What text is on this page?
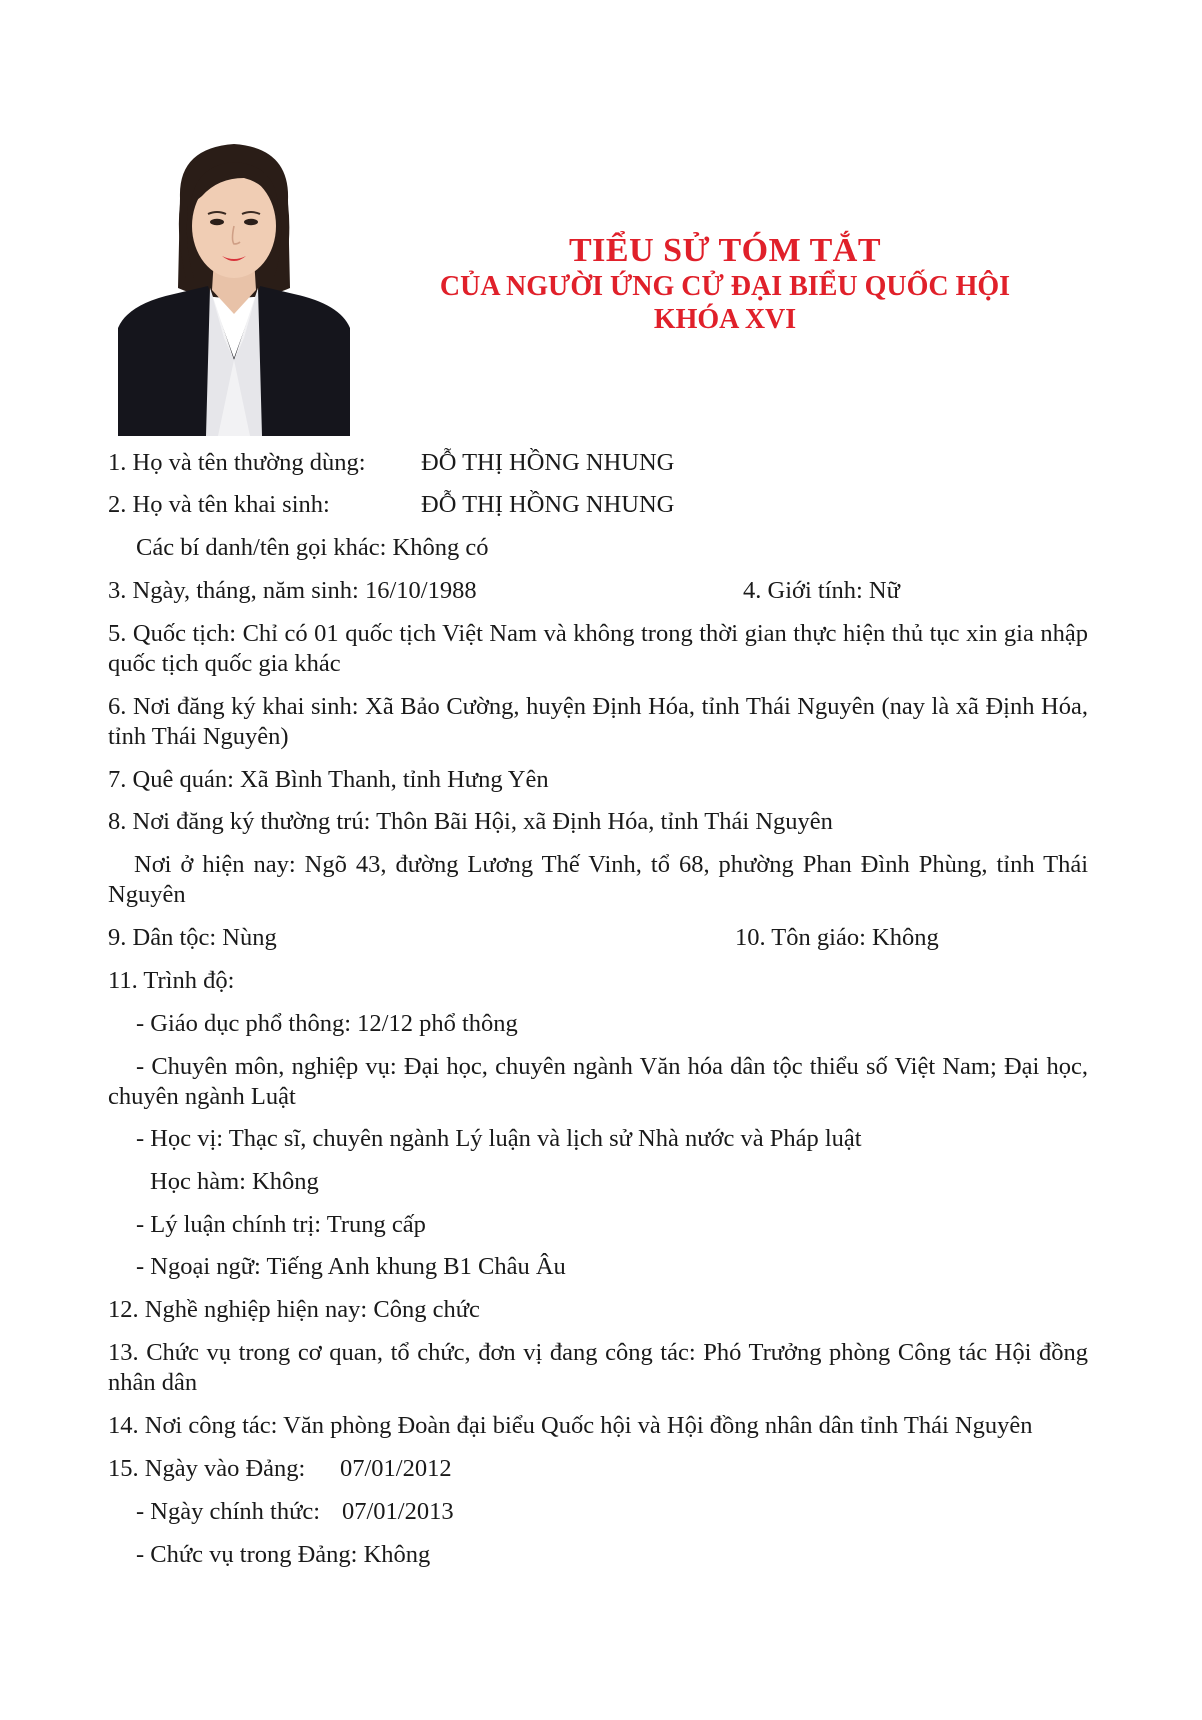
TIỂU SỬ TÓM TẮT
CỦA NGƯỜI ỨNG CỬ ĐẠI BIỂU QUỐC HỘI
KHÓA XVI
1. Họ và tên thường dùng: ĐỖ THỊ HỒNG NHUNG
2. Họ và tên khai sinh:	ĐỖ THỊ HỒNG NHUNG
Các bí danh/tên gọi khác: Không có
3. Ngày, tháng, năm sinh: 16/10/1988	4. Giới tính: Nữ
5. Quốc tịch: Chỉ có 01 quốc tịch Việt Nam và không trong thời gian thực hiện thủ tục xin gia nhập quốc tịch quốc gia khác
6. Nơi đăng ký khai sinh: Xã Bảo Cường, huyện Định Hóa, tỉnh Thái Nguyên (nay là xã Định Hóa, tỉnh Thái Nguyên)
7. Quê quán: Xã Bình Thanh, tỉnh Hưng Yên
8. Nơi đăng ký thường trú: Thôn Bãi Hội, xã Định Hóa, tỉnh Thái Nguyên
Nơi ở hiện nay: Ngõ 43, đường Lương Thế Vinh, tổ 68, phường Phan Đình Phùng, tỉnh Thái Nguyên
9. Dân tộc: Nùng	10. Tôn giáo: Không
11. Trình độ:
- Giáo dục phổ thông: 12/12 phổ thông
- Chuyên môn, nghiệp vụ: Đại học, chuyên ngành Văn hóa dân tộc thiểu số Việt Nam; Đại học, chuyên ngành Luật
- Học vị: Thạc sĩ, chuyên ngành Lý luận và lịch sử Nhà nước và Pháp luật
Học hàm: Không
- Lý luận chính trị: Trung cấp
- Ngoại ngữ: Tiếng Anh khung B1 Châu Âu
12. Nghề nghiệp hiện nay: Công chức
13. Chức vụ trong cơ quan, tổ chức, đơn vị đang công tác: Phó Trưởng phòng Công tác Hội đồng nhân dân
14. Nơi công tác: Văn phòng Đoàn đại biểu Quốc hội và Hội đồng nhân dân tỉnh Thái Nguyên
15. Ngày vào Đảng: 07/01/2012
- Ngày chính thức: 07/01/2013
- Chức vụ trong Đảng: Không
